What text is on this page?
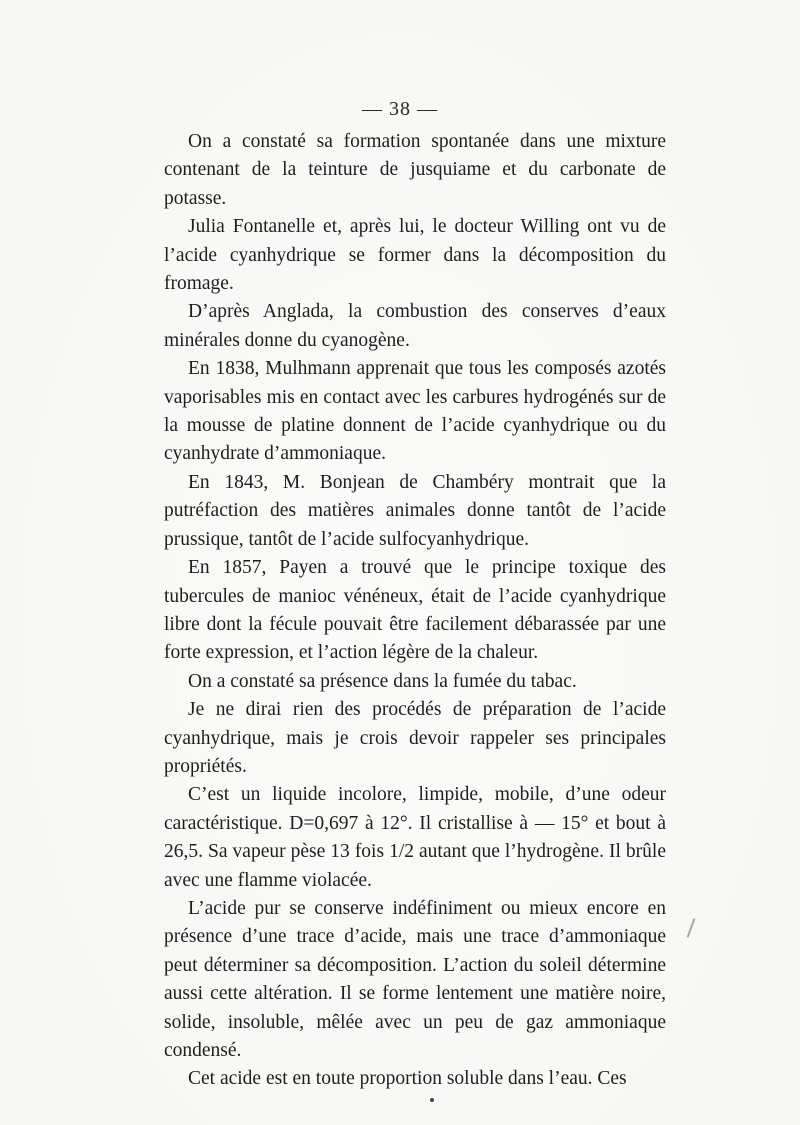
— 38 —

On a constaté sa formation spontanée dans une mixture contenant de la teinture de jusquiame et du carbonate de potasse.

Julia Fontanelle et, après lui, le docteur Willing ont vu de l’acide cyanhydrique se former dans la décomposition du fromage.

D’après Anglada, la combustion des conserves d’eaux minérales donne du cyanogène.

En 1838, Mulhmann apprenait que tous les composés azotés vaporisables mis en contact avec les carbures hydrogénés sur de la mousse de platine donnent de l’acide cyanhydrique ou du cyanhydrate d’ammoniaque.

En 1843, M. Bonjean de Chambéry montrait que la putréfaction des matières animales donne tantôt de l’acide prussique, tantôt de l’acide sulfocyanhydrique.

En 1857, Payen a trouvé que le principe toxique des tubercules de manioc vénéneux, était de l’acide cyanhydrique libre dont la fécule pouvait être facilement débarassée par une forte expression, et l’action légère de la chaleur.

On a constaté sa présence dans la fumée du tabac.

Je ne dirai rien des procédés de préparation de l’acide cyanhydrique, mais je crois devoir rappeler ses principales propriétés.

C’est un liquide incolore, limpide, mobile, d’une odeur caractéristique. D=0,697 à 12°. Il cristallise à — 15° et bout à 26,5. Sa vapeur pèse 13 fois 1/2 autant que l’hydrogène. Il brûle avec une flamme violacée.

L’acide pur se conserve indéfiniment ou mieux encore en présence d’une trace d’acide, mais une trace d’ammoniaque peut déterminer sa décomposition. L’action du soleil détermine aussi cette altération. Il se forme lentement une matière noire, solide, insoluble, mêlée avec un peu de gaz ammoniaque condensé.

Cet acide est en toute proportion soluble dans l’eau. Ces
